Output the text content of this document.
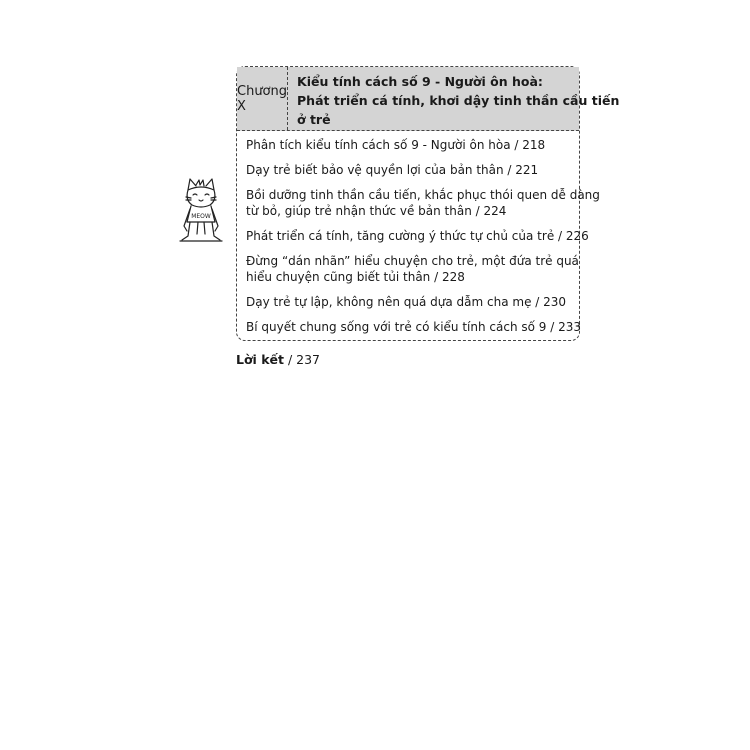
MEOW
Chương X
Kiểu tính cách số 9 - Người ôn hoà:
Phát triển cá tính, khơi dậy tinh thần cầu tiến
ở trẻ
Phân tích kiểu tính cách số 9 - Người ôn hòa / 218
Dạy trẻ biết bảo vệ quyền lợi của bản thân / 221
Bồi dưỡng tinh thần cầu tiến, khắc phục thói quen dễ dàng
từ bỏ, giúp trẻ nhận thức về bản thân / 224
Phát triển cá tính, tăng cường ý thức tự chủ của trẻ / 226
Đừng “dán nhãn” hiểu chuyện cho trẻ, một đứa trẻ quá
hiểu chuyện cũng biết tủi thân / 228
Dạy trẻ tự lập, không nên quá dựa dẫm cha mẹ / 230
Bí quyết chung sống với trẻ có kiểu tính cách số 9 / 233
Lời kết / 237
